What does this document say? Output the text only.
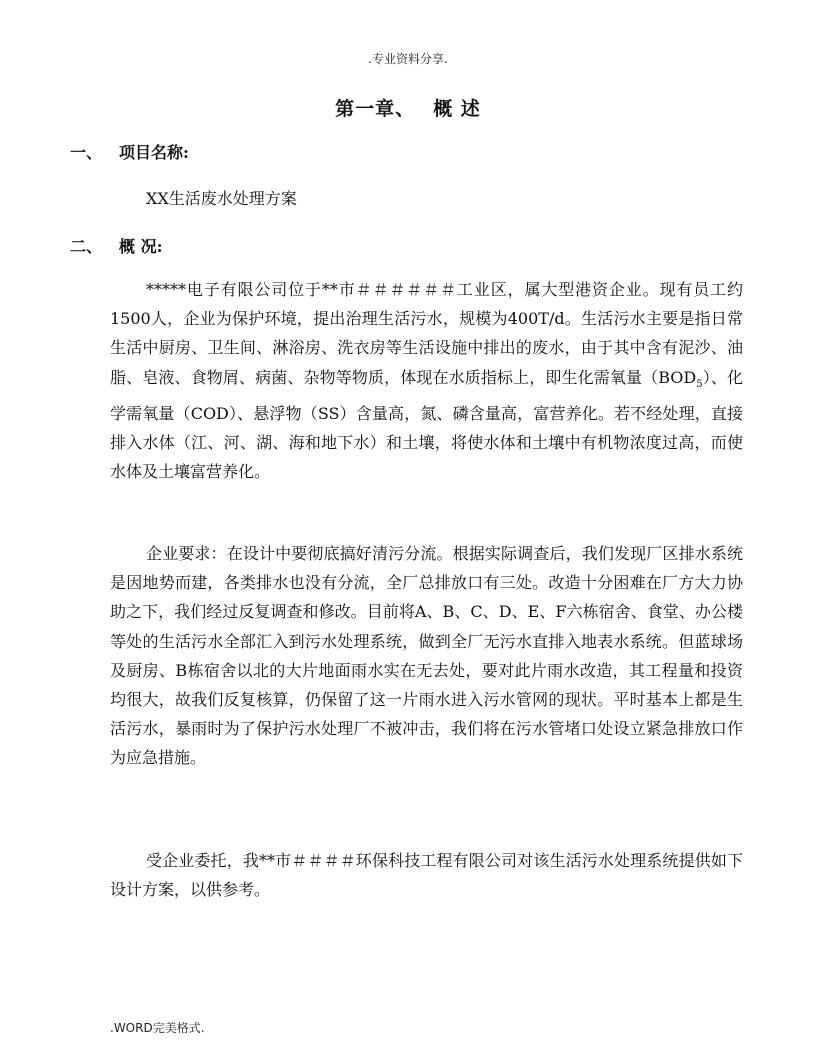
.专业资料分享.
第一章、 概 述
一、 项目名称:
XX生活废水处理方案
二、 概 况:

*****电子有限公司位于**市＃＃＃＃＃＃工业区，属大型港资企业。现有员工约1500人，企业为保护环境，提出治理生活污水，规模为400T/d。生活污水主要是指日常生活中厨房、卫生间、淋浴房、洗衣房等生活设施中排出的废水，由于其中含有泥沙、油脂、皂液、食物屑、病菌、杂物等物质，体现在水质指标上，即生化需氧量$(BOD_5)$、化学需氧量（COD）、悬浮物（SS）含量高，氮、磷含量高，富营养化。若不经处理，直接排入水体（江、河、湖、海和地下水）和土壤，将使水体和土壤中有机物浓度过高，而使水体及土壤富营养化。

企业要求：在设计中要彻底搞好清污分流。根据实际调查后，我们发现厂区排水系统是因地势而建，各类排水也没有分流，全厂总排放口有三处。改造十分困难在厂方大力协助之下，我们经过反复调查和修改。目前将A、B、C、D、E、F六栋宿舍、食堂、办公楼等处的生活污水全部汇入到污水处理系统，做到全厂无污水直排入地表水系统。但蓝球场及厨房、B栋宿舍以北的大片地面雨水实在无去处，要对此片雨水改造，其工程量和投资均很大，故我们反复核算，仍保留了这一片雨水进入污水管网的现状。平时基本上都是生活污水，暴雨时为了保护污水处理厂不被冲击，我们将在污水管堵口处设立紧急排放口作为应急措施。

受企业委托，我**市＃＃＃＃环保科技工程有限公司对该生活污水处理系统提供如下设计方案，以供参考。

.WORD完美格式.
